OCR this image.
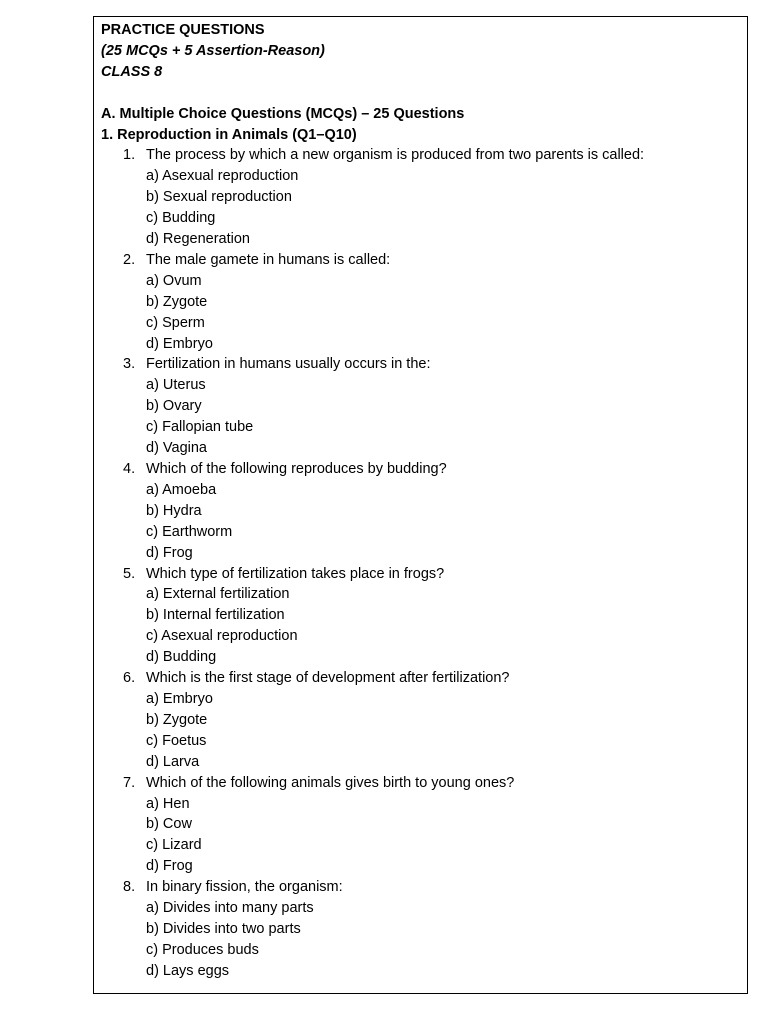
PRACTICE QUESTIONS
(25 MCQs + 5 Assertion-Reason)
CLASS 8
A. Multiple Choice Questions (MCQs) – 25 Questions
1. Reproduction in Animals (Q1–Q10)
1. The process by which a new organism is produced from two parents is called:
a) Asexual reproduction
b) Sexual reproduction
c) Budding
d) Regeneration
2. The male gamete in humans is called:
a) Ovum
b) Zygote
c) Sperm
d) Embryo
3. Fertilization in humans usually occurs in the:
a) Uterus
b) Ovary
c) Fallopian tube
d) Vagina
4. Which of the following reproduces by budding?
a) Amoeba
b) Hydra
c) Earthworm
d) Frog
5. Which type of fertilization takes place in frogs?
a) External fertilization
b) Internal fertilization
c) Asexual reproduction
d) Budding
6. Which is the first stage of development after fertilization?
a) Embryo
b) Zygote
c) Foetus
d) Larva
7. Which of the following animals gives birth to young ones?
a) Hen
b) Cow
c) Lizard
d) Frog
8. In binary fission, the organism:
a) Divides into many parts
b) Divides into two parts
c) Produces buds
d) Lays eggs
